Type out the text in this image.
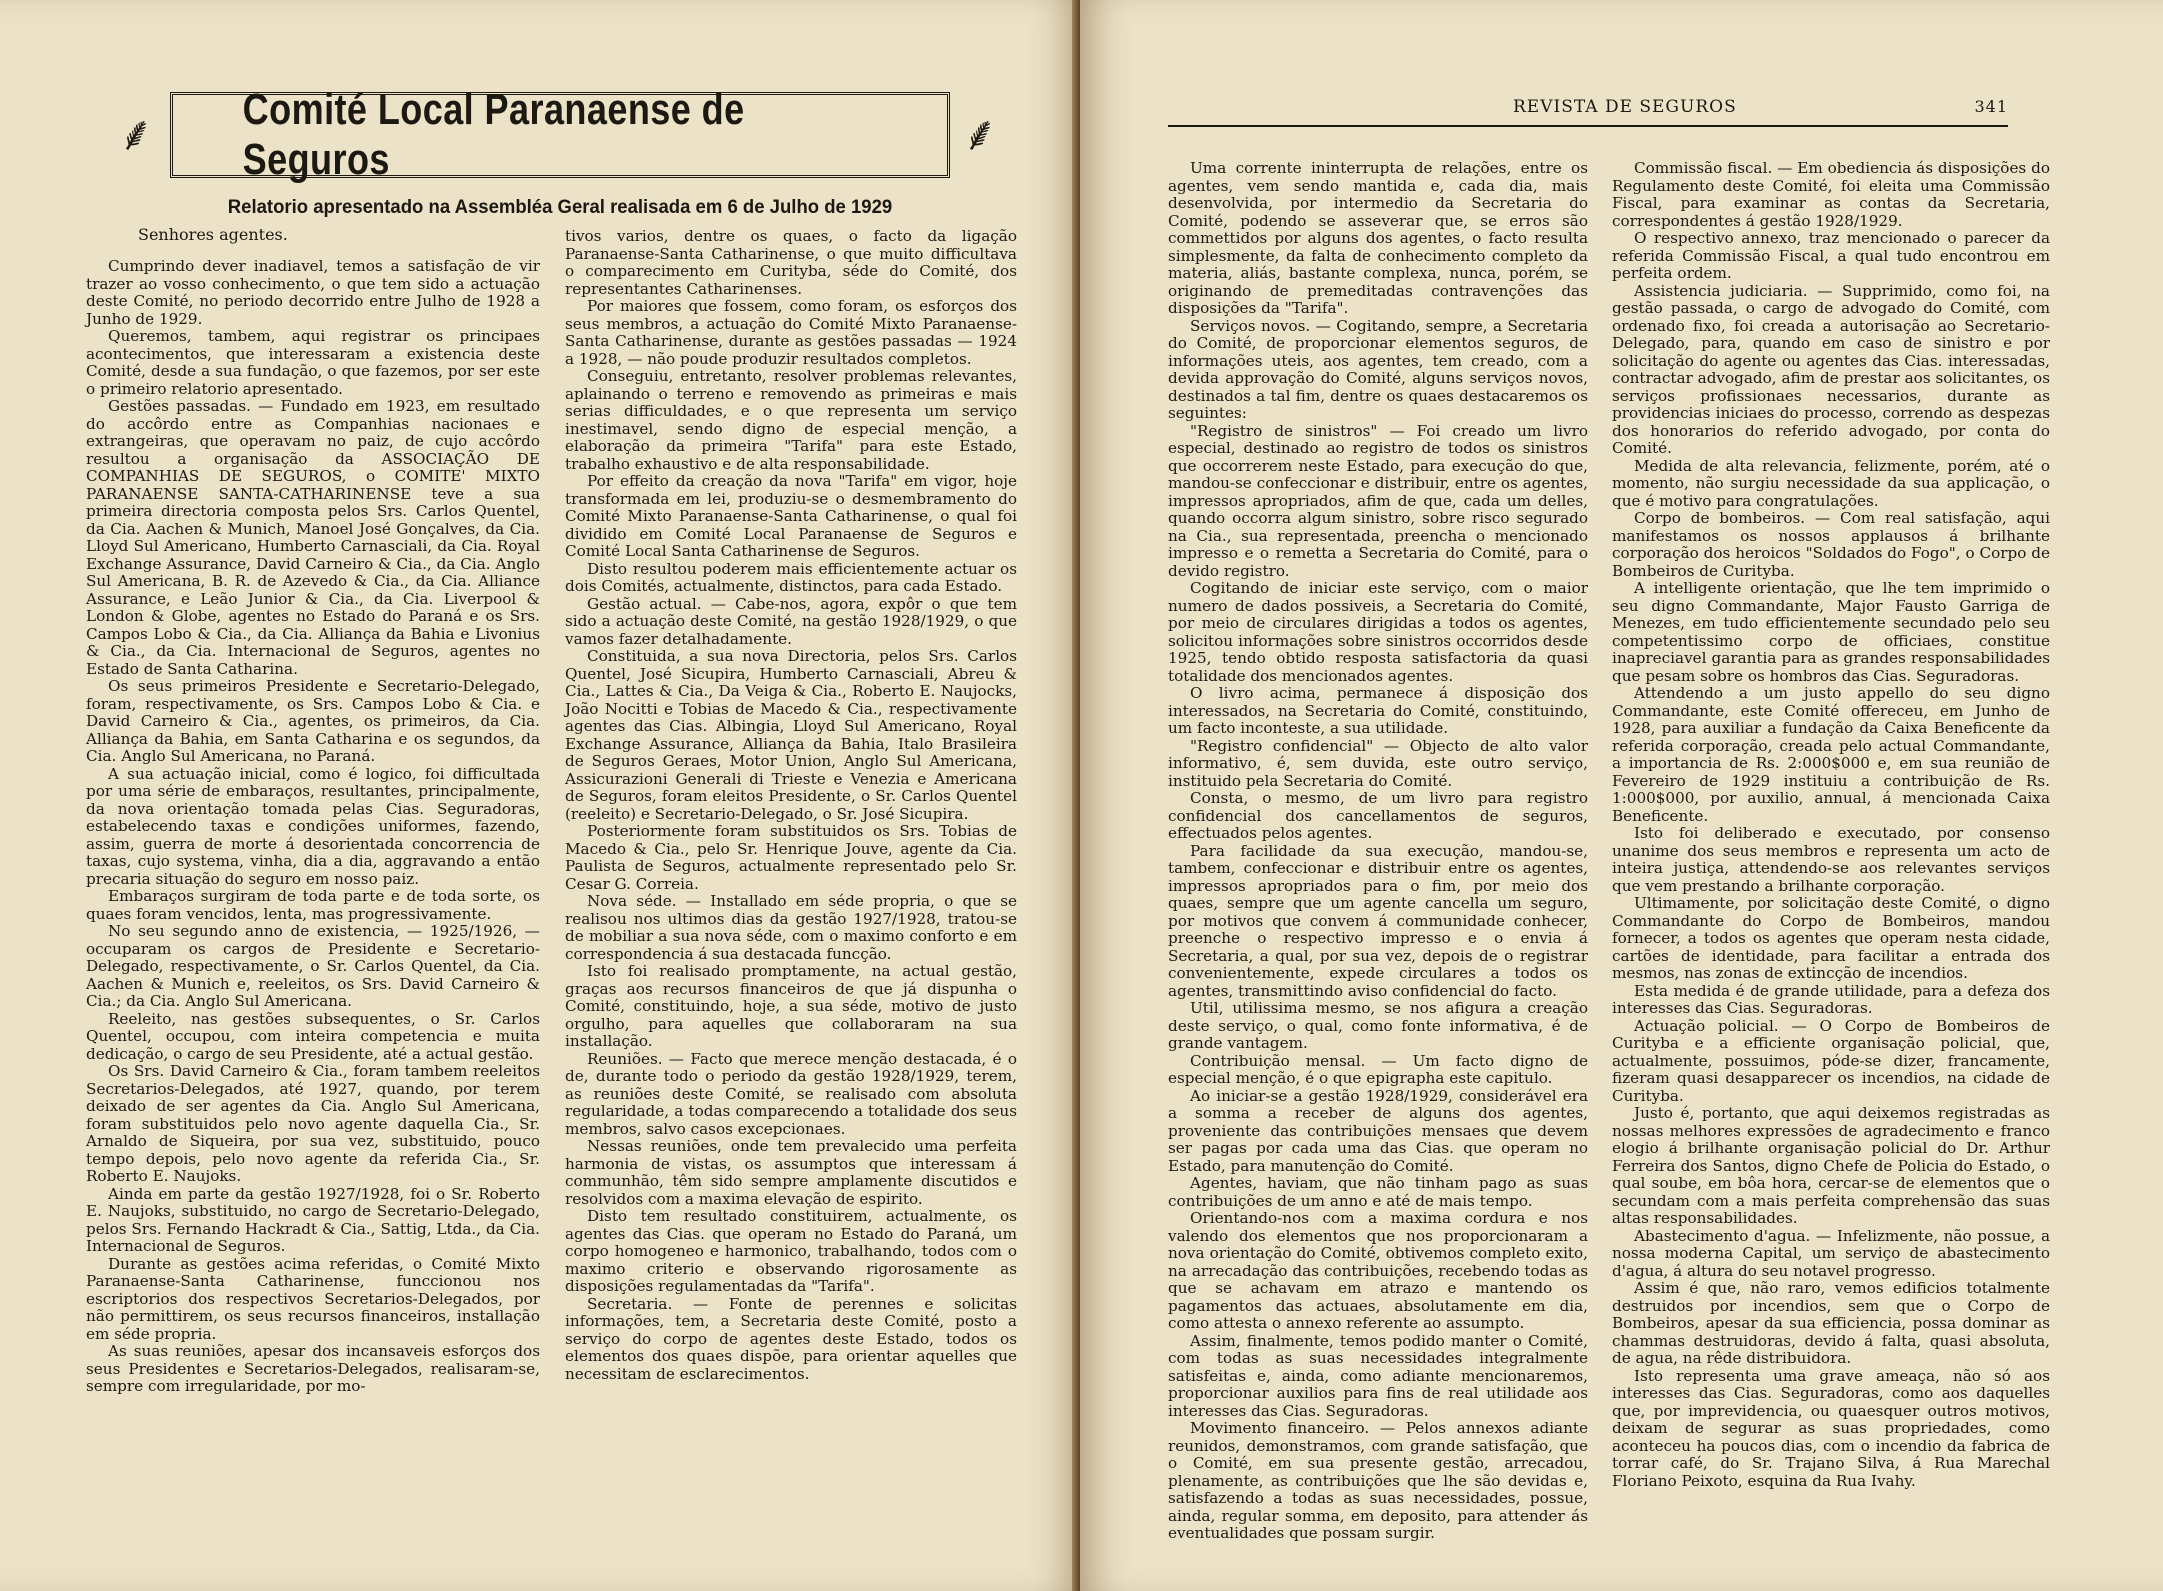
⸙	⸙
Comité Local Paranaense de Seguros
Relatorio apresentado na Assembléa Geral realisada em 6 de Julho de 1929
Senhores agentes.

Cumprindo dever inadiavel, temos a satisfação de vir trazer ao vosso conhecimento, o que tem sido a actuação deste Comité, no periodo decorrido entre Julho de 1928 a Junho de 1929.

Queremos, tambem, aqui registrar os principaes acontecimentos, que interessaram a existencia deste Comité, desde a sua fundação, o que fazemos, por ser este o primeiro relatorio apresentado.

Gestões passadas. — Fundado em 1923, em resultado do accôrdo entre as Companhias nacionaes e extrangeiras, que operavam no paiz, de cujo accôrdo resultou a organisação da ASSOCIAÇÃO DE COMPANHIAS DE SEGUROS, o COMITE' MIXTO PARANAENSE SANTA-CATHARINENSE teve a sua primeira directoria composta pelos Srs. Carlos Quentel, da Cia. Aachen & Munich, Manoel José Gonçalves, da Cia. Lloyd Sul Americano, Humberto Carnasciali, da Cia. Royal Exchange Assurance, David Carneiro & Cia., da Cia. Anglo Sul Americana, B. R. de Azevedo & Cia., da Cia. Alliance Assurance, e Leão Junior & Cia., da Cia. Liverpool & London & Globe, agentes no Estado do Paraná e os Srs. Campos Lobo & Cia., da Cia. Alliança da Bahia e Livonius & Cia., da Cia. Internacional de Seguros, agentes no Estado de Santa Catharina.

Os seus primeiros Presidente e Secretario-Delegado, foram, respectivamente, os Srs. Campos Lobo & Cia. e David Carneiro & Cia., agentes, os primeiros, da Cia. Alliança da Bahia, em Santa Catharina e os segundos, da Cia. Anglo Sul Americana, no Paraná.

A sua actuação inicial, como é logico, foi difficultada por uma série de embaraços, resultantes, principalmente, da nova orientação tomada pelas Cias. Seguradoras, estabelecendo taxas e condições uniformes, fazendo, assim, guerra de morte á desorientada concorrencia de taxas, cujo systema, vinha, dia a dia, aggravando a então precaria situação do seguro em nosso paiz.

Embaraços surgiram de toda parte e de toda sorte, os quaes foram vencidos, lenta, mas progressivamente.

No seu segundo anno de existencia, — 1925/1926, — occuparam os cargos de Presidente e Secretario-Delegado, respectivamente, o Sr. Carlos Quentel, da Cia. Aachen & Munich e, reeleitos, os Srs. David Carneiro & Cia.; da Cia. Anglo Sul Americana.

Reeleito, nas gestões subsequentes, o Sr. Carlos Quentel, occupou, com inteira competencia e muita dedicação, o cargo de seu Presidente, até a actual gestão.

Os Srs. David Carneiro & Cia., foram tambem reeleitos Secretarios-Delegados, até 1927, quando, por terem deixado de ser agentes da Cia. Anglo Sul Americana, foram substituidos pelo novo agente daquella Cia., Sr. Arnaldo de Siqueira, por sua vez, substituido, pouco tempo depois, pelo novo agente da referida Cia., Sr. Roberto E. Naujoks.

Ainda em parte da gestão 1927/1928, foi o Sr. Roberto E. Naujoks, substituido, no cargo de Secretario-Delegado, pelos Srs. Fernando Hackradt & Cia., Sattig, Ltda., da Cia. Internacional de Seguros.

Durante as gestões acima referidas, o Comité Mixto Paranaense-Santa Catharinense, funccionou nos escriptorios dos respectivos Secretarios-Delegados, por não permittirem, os seus recursos financeiros, installação em séde propria.

As suas reuniões, apesar dos incansaveis esforços dos seus Presidentes e Secretarios-Delegados, realisaram-se, sempre com irregularidade, por mo-

tivos varios, dentre os quaes, o facto da ligação Paranaense-Santa Catharinense, o que muito difficultava o comparecimento em Curityba, séde do Comité, dos representantes Catharinenses.

Por maiores que fossem, como foram, os esforços dos seus membros, a actuação do Comité Mixto Paranaense-Santa Catharinense, durante as gestões passadas — 1924 a 1928, — não poude produzir resultados completos.

Conseguiu, entretanto, resolver problemas relevantes, aplainando o terreno e removendo as primeiras e mais serias difficuldades, e o que representa um serviço inestimavel, sendo digno de especial menção, a elaboração da primeira "Tarifa" para este Estado, trabalho exhaustivo e de alta responsabilidade.

Por effeito da creação da nova "Tarifa" em vigor, hoje transformada em lei, produziu-se o desmembramento do Comité Mixto Paranaense-Santa Catharinense, o qual foi dividido em Comité Local Paranaense de Seguros e Comité Local Santa Catharinense de Seguros.

Disto resultou poderem mais efficientemente actuar os dois Comités, actualmente, distinctos, para cada Estado.

Gestão actual. — Cabe-nos, agora, expôr o que tem sido a actuação deste Comité, na gestão 1928/1929, o que vamos fazer detalhadamente.

Constituida, a sua nova Directoria, pelos Srs. Carlos Quentel, José Sicupira, Humberto Carnasciali, Abreu & Cia., Lattes & Cia., Da Veiga & Cia., Roberto E. Naujocks, João Nocitti e Tobias de Macedo & Cia., respectivamente agentes das Cias. Albingia, Lloyd Sul Americano, Royal Exchange Assurance, Alliança da Bahia, Italo Brasileira de Seguros Geraes, Motor Union, Anglo Sul Americana, Assicurazioni Generali di Trieste e Venezia e Americana de Seguros, foram eleitos Presidente, o Sr. Carlos Quentel (reeleito) e Secretario-Delegado, o Sr. José Sicupira.

Posteriormente foram substituidos os Srs. Tobias de Macedo & Cia., pelo Sr. Henrique Jouve, agente da Cia. Paulista de Seguros, actualmente representado pelo Sr. Cesar G. Correia.

Nova séde. — Installado em séde propria, o que se realisou nos ultimos dias da gestão 1927/1928, tratou-se de mobiliar a sua nova séde, com o maximo conforto e em correspondencia á sua destacada funcção.

Isto foi realisado promptamente, na actual gestão, graças aos recursos financeiros de que já dispunha o Comité, constituindo, hoje, a sua séde, motivo de justo orgulho, para aquelles que collaboraram na sua installação.

Reuniões. — Facto que merece menção destacada, é o de, durante todo o periodo da gestão 1928/1929, terem, as reuniões deste Comité, se realisado com absoluta regularidade, a todas comparecendo a totalidade dos seus membros, salvo casos excepcionaes.

Nessas reuniões, onde tem prevalecido uma perfeita harmonia de vistas, os assumptos que interessam á communhão, têm sido sempre amplamente discutidos e resolvidos com a maxima elevação de espirito.

Disto tem resultado constituirem, actualmente, os agentes das Cias. que operam no Estado do Paraná, um corpo homogeneo e harmonico, trabalhando, todos com o maximo criterio e observando rigorosamente as disposições regulamentadas da "Tarifa".

Secretaria. — Fonte de perennes e solicitas informações, tem, a Secretaria deste Comité, posto a serviço do corpo de agentes deste Estado, todos os elementos dos quaes dispõe, para orientar aquelles que necessitam de esclarecimentos.

REVISTA DE SEGUROS	341

Uma corrente ininterrupta de relações, entre os agentes, vem sendo mantida e, cada dia, mais desenvolvida, por intermedio da Secretaria do Comité, podendo se asseverar que, se erros são commettidos por alguns dos agentes, o facto resulta simplesmente, da falta de conhecimento completo da materia, aliás, bastante complexa, nunca, porém, se originando de premeditadas contravenções das disposições da "Tarifa".

Serviços novos. — Cogitando, sempre, a Secretaria do Comité, de proporcionar elementos seguros, de informações uteis, aos agentes, tem creado, com a devida approvação do Comité, alguns serviços novos, destinados a tal fim, dentre os quaes destacaremos os seguintes:

"Registro de sinistros" — Foi creado um livro especial, destinado ao registro de todos os sinistros que occorrerem neste Estado, para execução do que, mandou-se confeccionar e distribuir, entre os agentes, impressos apropriados, afim de que, cada um delles, quando occorra algum sinistro, sobre risco segurado na Cia., sua representada, preencha o mencionado impresso e o remetta a Secretaria do Comité, para o devido registro.

Cogitando de iniciar este serviço, com o maior numero de dados possiveis, a Secretaria do Comité, por meio de circulares dirigidas a todos os agentes, solicitou informações sobre sinistros occorridos desde 1925, tendo obtido resposta satisfactoria da quasi totalidade dos mencionados agentes.

O livro acima, permanece á disposição dos interessados, na Secretaria do Comité, constituindo, um facto inconteste, a sua utilidade.

"Registro confidencial" — Objecto de alto valor informativo, é, sem duvida, este outro serviço, instituido pela Secretaria do Comité.

Consta, o mesmo, de um livro para registro confidencial dos cancellamentos de seguros, effectuados pelos agentes.

Para facilidade da sua execução, mandou-se, tambem, confeccionar e distribuir entre os agentes, impressos apropriados para o fim, por meio dos quaes, sempre que um agente cancella um seguro, por motivos que convem á communidade conhecer, preenche o respectivo impresso e o envia á Secretaria, a qual, por sua vez, depois de o registrar convenientemente, expede circulares a todos os agentes, transmittindo aviso confidencial do facto.

Util, utilissima mesmo, se nos afigura a creação deste serviço, o qual, como fonte informativa, é de grande vantagem.

Contribuição mensal. — Um facto digno de especial menção, é o que epigrapha este capitulo.

Ao iniciar-se a gestão 1928/1929, considerável era a somma a receber de alguns dos agentes, proveniente das contribuições mensaes que devem ser pagas por cada uma das Cias. que operam no Estado, para manutenção do Comité.

Agentes, haviam, que não tinham pago as suas contribuições de um anno e até de mais tempo.

Orientando-nos com a maxima cordura e nos valendo dos elementos que nos proporcionaram a nova orientação do Comité, obtivemos completo exito, na arrecadação das contribuições, recebendo todas as que se achavam em atrazo e mantendo os pagamentos das actuaes, absolutamente em dia, como attesta o annexo referente ao assumpto.

Assim, finalmente, temos podido manter o Comité, com todas as suas necessidades integralmente satisfeitas e, ainda, como adiante mencionaremos, proporcionar auxilios para fins de real utilidade aos interesses das Cias. Seguradoras.

Movimento financeiro. — Pelos annexos adiante reunidos, demonstramos, com grande satisfação, que o Comité, em sua presente gestão, arrecadou, plenamente, as contribuições que lhe são devidas e, satisfazendo a todas as suas necessidades, possue, ainda, regular somma, em deposito, para attender ás eventualidades que possam surgir.

Commissão fiscal. — Em obediencia ás disposições do Regulamento deste Comité, foi eleita uma Commissão Fiscal, para examinar as contas da Secretaria, correspondentes á gestão 1928/1929.

O respectivo annexo, traz mencionado o parecer da referida Commissão Fiscal, a qual tudo encontrou em perfeita ordem.

Assistencia judiciaria. — Supprimido, como foi, na gestão passada, o cargo de advogado do Comité, com ordenado fixo, foi creada a autorisação ao Secretario-Delegado, para, quando em caso de sinistro e por solicitação do agente ou agentes das Cias. interessadas, contractar advogado, afim de prestar aos solicitantes, os serviços profissionaes necessarios, durante as providencias iniciaes do processo, correndo as despezas dos honorarios do referido advogado, por conta do Comité.

Medida de alta relevancia, felizmente, porém, até o momento, não surgiu necessidade da sua applicação, o que é motivo para congratulações.

Corpo de bombeiros. — Com real satisfação, aqui manifestamos os nossos applausos á brilhante corporação dos heroicos "Soldados do Fogo", o Corpo de Bombeiros de Curityba.

A intelligente orientação, que lhe tem imprimido o seu digno Commandante, Major Fausto Garriga de Menezes, em tudo efficientemente secundado pelo seu competentissimo corpo de officiaes, constitue inapreciavel garantia para as grandes responsabilidades que pesam sobre os hombros das Cias. Seguradoras.

Attendendo a um justo appello do seu digno Commandante, este Comité offereceu, em Junho de 1928, para auxiliar a fundação da Caixa Beneficente da referida corporação, creada pelo actual Commandante, a importancia de Rs. 2:000$000 e, em sua reunião de Fevereiro de 1929 instituiu a contribuição de Rs. 1:000$000, por auxilio, annual, á mencionada Caixa Beneficente.

Isto foi deliberado e executado, por consenso unanime dos seus membros e representa um acto de inteira justiça, attendendo-se aos relevantes serviços que vem prestando a brilhante corporação.

Ultimamente, por solicitação deste Comité, o digno Commandante do Corpo de Bombeiros, mandou fornecer, a todos os agentes que operam nesta cidade, cartões de identidade, para facilitar a entrada dos mesmos, nas zonas de extincção de incendios.

Esta medida é de grande utilidade, para a defeza dos interesses das Cias. Seguradoras.

Actuação policial. — O Corpo de Bombeiros de Curityba e a efficiente organisação policial, que, actualmente, possuimos, póde-se dizer, francamente, fizeram quasi desapparecer os incendios, na cidade de Curityba.

Justo é, portanto, que aqui deixemos registradas as nossas melhores expressões de agradecimento e franco elogio á brilhante organisação policial do Dr. Arthur Ferreira dos Santos, digno Chefe de Policia do Estado, o qual soube, em bôa hora, cercar-se de elementos que o secundam com a mais perfeita comprehensão das suas altas responsabilidades.

Abastecimento d'agua. — Infelizmente, não possue, a nossa moderna Capital, um serviço de abastecimento d'agua, á altura do seu notavel progresso.

Assim é que, não raro, vemos edificios totalmente destruidos por incendios, sem que o Corpo de Bombeiros, apesar da sua efficiencia, possa dominar as chammas destruidoras, devido á falta, quasi absoluta, de agua, na rêde distribuidora.

Isto representa uma grave ameaça, não só aos interesses das Cias. Seguradoras, como aos daquelles que, por imprevidencia, ou quaesquer outros motivos, deixam de segurar as suas propriedades, como aconteceu ha poucos dias, com o incendio da fabrica de torrar café, do Sr. Trajano Silva, á Rua Marechal Floriano Peixoto, esquina da Rua Ivahy.
